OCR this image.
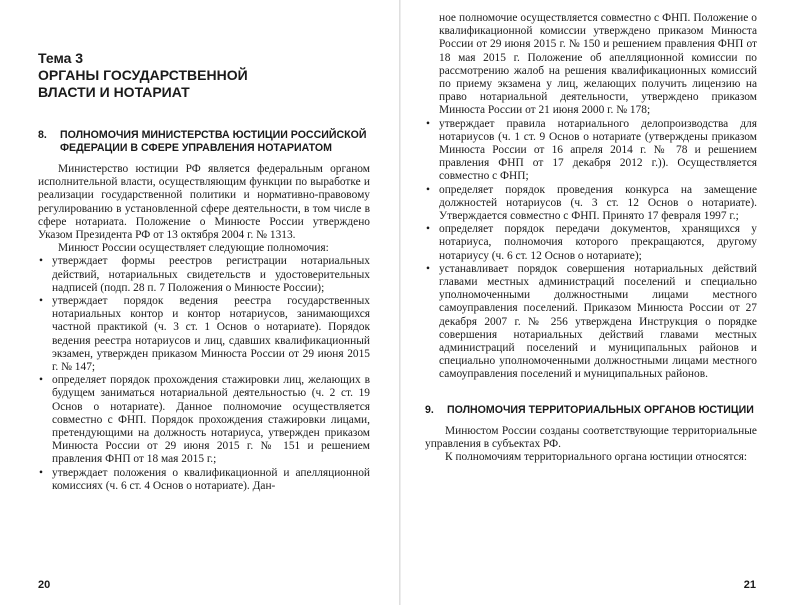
Тема 3
ОРГАНЫ ГОСУДАРСТВЕННОЙ
ВЛАСТИ И НОТАРИАТ
8.	ПОЛНОМОЧИЯ МИНИСТЕРСТВА ЮСТИЦИИ РОССИЙСКОЙ ФЕДЕРАЦИИ В СФЕРЕ УПРАВЛЕНИЯ НОТАРИАТОМ

Министерство юстиции РФ является федеральным органом исполнительной власти, осуществляющим функции по выработке и реализации государственной политики и нормативно-правовому регулированию в установленной сфере деятельности, в том числе в сфере нотариата. Положение о Минюсте России утверждено Указом Президента РФ от 13 октября 2004 г. № 1313.

Минюст России осуществляет следующие полномочия:

• утверждает формы реестров регистрации нотариальных действий, нотариальных свидетельств и удостоверительных надписей (подп. 28 п. 7 Положения о Минюсте России);
• утверждает порядок ведения реестра государственных нотариальных контор и контор нотариусов, занимающихся частной практикой (ч. 3 ст. 1 Основ о нотариате). Порядок ведения реестра нотариусов и лиц, сдавших квалификационный экзамен, утвержден приказом Минюста России от 29 июня 2015 г. № 147;
• определяет порядок прохождения стажировки лиц, желающих в будущем заниматься нотариальной деятельностью (ч. 2 ст. 19 Основ о нотариате). Данное полномочие осуществляется совместно с ФНП. Порядок прохождения стажировки лицами, претендующими на должность нотариуса, утвержден приказом Минюста России от 29 июня 2015 г. № 151 и решением правления ФНП от 18 мая 2015 г.;
• утверждает положения о квалификационной и апелляционной комиссиях (ч. 6 ст. 4 Основ о нотариате). Дан-
20
ное полномочие осуществляется совместно с ФНП. Положение о квалификационной комиссии утверждено приказом Минюста России от 29 июня 2015 г. № 150 и решением правления ФНП от 18 мая 2015 г. Положение об апелляционной комиссии по рассмотрению жалоб на решения квалификационных комиссий по приему экзамена у лиц, желающих получить лицензию на право нотариальной деятельности, утверждено приказом Минюста России от 21 июня 2000 г. № 178;
• утверждает правила нотариального делопроизводства для нотариусов (ч. 1 ст. 9 Основ о нотариате (утверждены приказом Минюста России от 16 апреля 2014 г. № 78 и решением правления ФНП от 17 декабря 2012 г.)). Осуществляется совместно с ФНП;
• определяет порядок проведения конкурса на замещение должностей нотариусов (ч. 3 ст. 12 Основ о нотариате). Утверждается совместно с ФНП. Принято 17 февраля 1997 г.;
• определяет порядок передачи документов, хранящихся у нотариуса, полномочия которого прекращаются, другому нотариусу (ч. 6 ст. 12 Основ о нотариате);
• устанавливает порядок совершения нотариальных действий главами местных администраций поселений и специально уполномоченными должностными лицами местного самоуправления поселений. Приказом Минюста России от 27 декабря 2007 г. № 256 утверждена Инструкция о порядке совершения нотариальных действий главами местных администраций поселений и муниципальных районов и специально уполномоченными должностными лицами местного самоуправления поселений и муниципальных районов.
9.	ПОЛНОМОЧИЯ ТЕРРИТОРИАЛЬНЫХ ОРГАНОВ ЮСТИЦИИ

Минюстом России созданы соответствующие территориальные управления в субъектах РФ.

К полномочиям территориального органа юстиции относятся:

21
